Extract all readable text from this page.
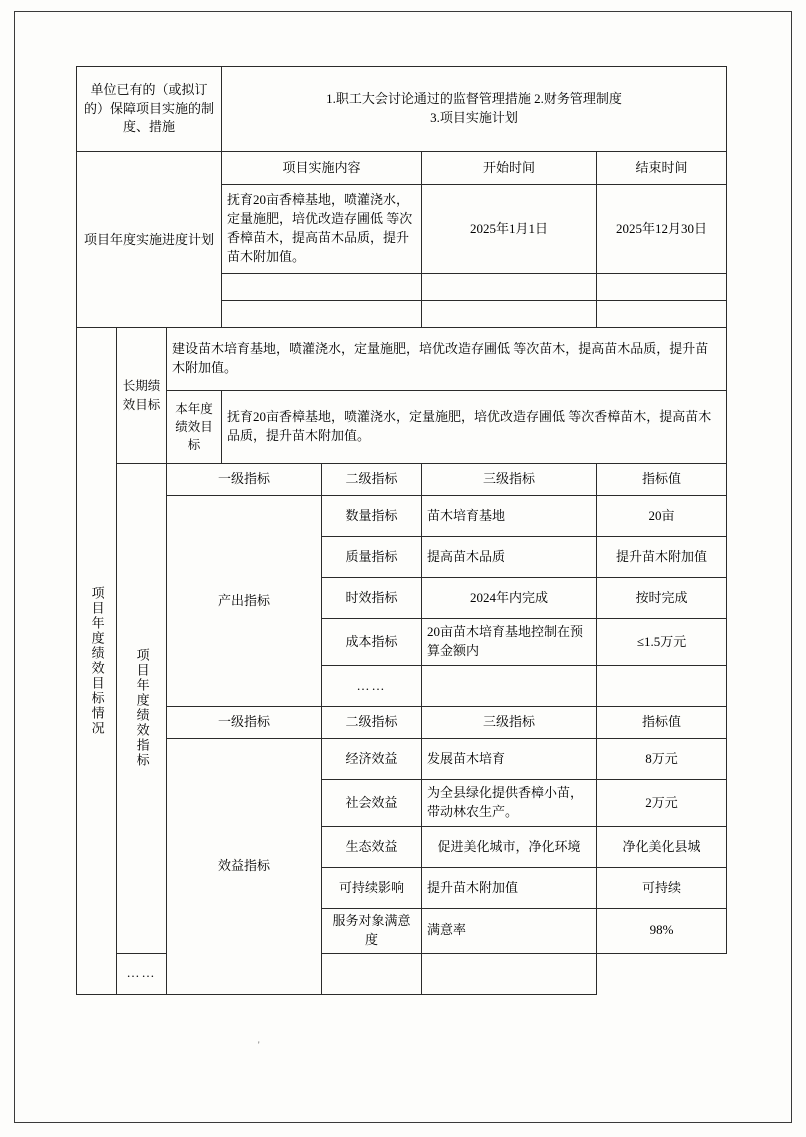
单位已有的（或拟订的）保障项目实施的制度、措施			1.职工大会讨论通过的监督管理措施 2.财务管理制度
3.项目实施计划			

项目年度实施进度计划			项目实施内容		开始时间	结束时间
			抚育20亩香樟基地，喷灌浇水，定量施肥，培优改造存圃低 等次香樟苗木，提高苗木品质，提升苗木附加值。		2025年1月1日	2025年12月30日

项目年度绩效目标情况	长期绩效目标	建设苗木培育基地，喷灌浇水，定量施肥，培优改造存圃低 等次苗木，提高苗木品质，提升苗木附加值。				

		本年度绩效目标	抚育20亩香樟基地，喷灌浇水，定量施肥，培优改造存圃低 等次香樟苗木，提高苗木品质，提升苗木附加值。			

	项目年度绩效指标	一级指标		二级指标	三级指标	指标值
		产出指标		数量指标	苗木培育基地	20亩
				质量指标	提高苗木品质	提升苗木附加值
				时效指标	2024年内完成	按时完成
				成本指标	20亩苗木培育基地控制在预 算金额内	≤1.5万元
				……		
		一级指标		二级指标	三级指标	指标值
		效益指标		经济效益	发展苗木培育	8万元
				社会效益	为全县绿化提供香樟小苗， 带动林农生产。	2万元
				生态效益	促进美化城市，净化环境	净化美化县城
				可持续影响	提升苗木附加值	可持续
				服务对象满意度	满意率	98%
	……					
'
